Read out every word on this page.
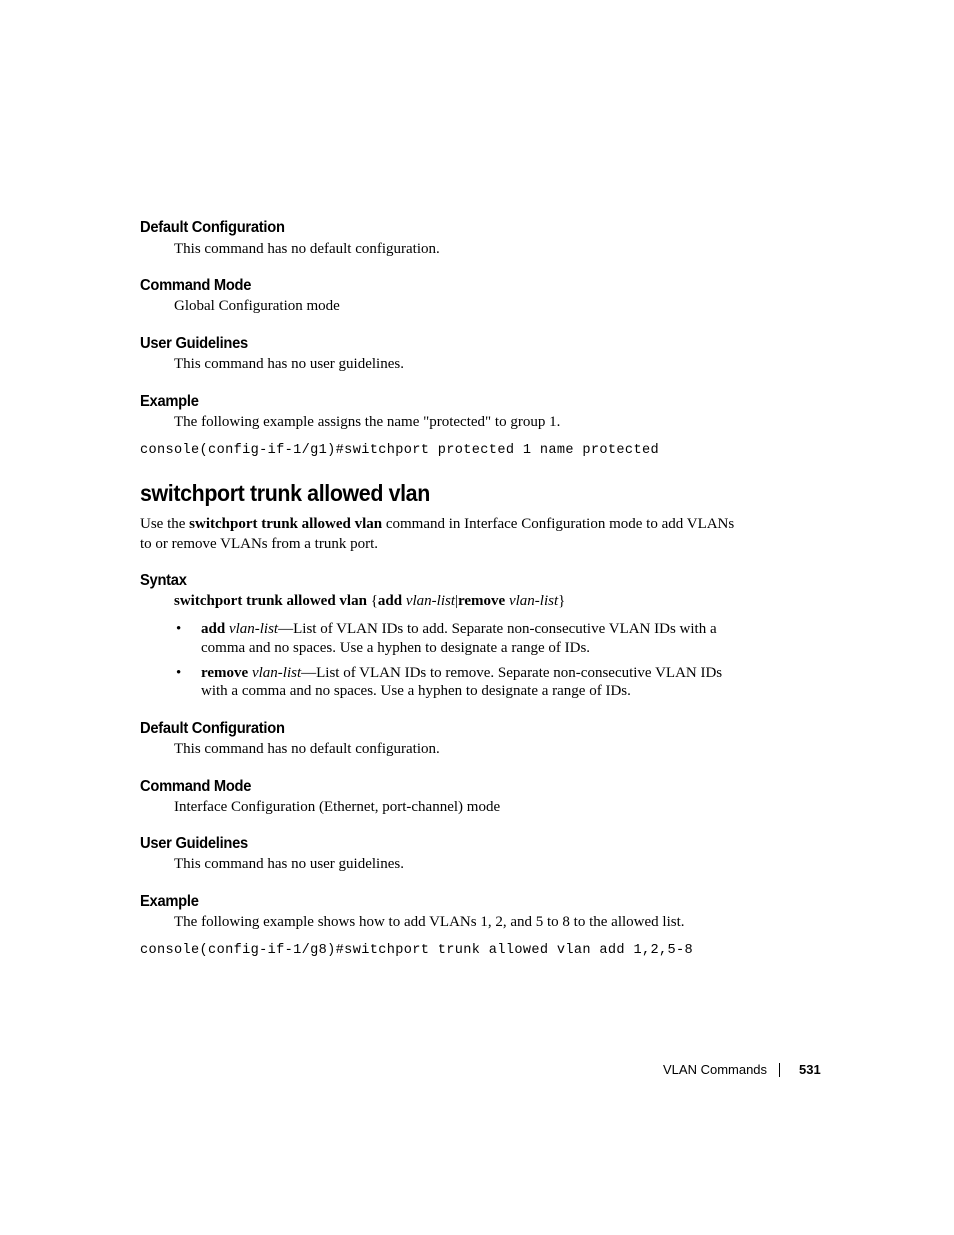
Default Configuration
This command has no default configuration.
Command Mode
Global Configuration mode
User Guidelines
This command has no user guidelines.
Example
The following example assigns the name "protected" to group 1.
console(config-if-1/g1)#switchport protected 1 name protected
switchport trunk allowed vlan
Use the switchport trunk allowed vlan command in Interface Configuration mode to add VLANs
to or remove VLANs from a trunk port.
Syntax
switchport trunk allowed vlan {add vlan-list|remove vlan-list}
• add vlan-list—List of VLAN IDs to add. Separate non-consecutive VLAN IDs with a
comma and no spaces. Use a hyphen to designate a range of IDs.
• remove vlan-list—List of VLAN IDs to remove. Separate non-consecutive VLAN IDs
with a comma and no spaces. Use a hyphen to designate a range of IDs.
Default Configuration
This command has no default configuration.
Command Mode
Interface Configuration (Ethernet, port-channel) mode
User Guidelines
This command has no user guidelines.
Example
The following example shows how to add VLANs 1, 2, and 5 to 8 to the allowed list.
console(config-if-1/g8)#switchport trunk allowed vlan add 1,2,5-8
VLAN Commands 531
